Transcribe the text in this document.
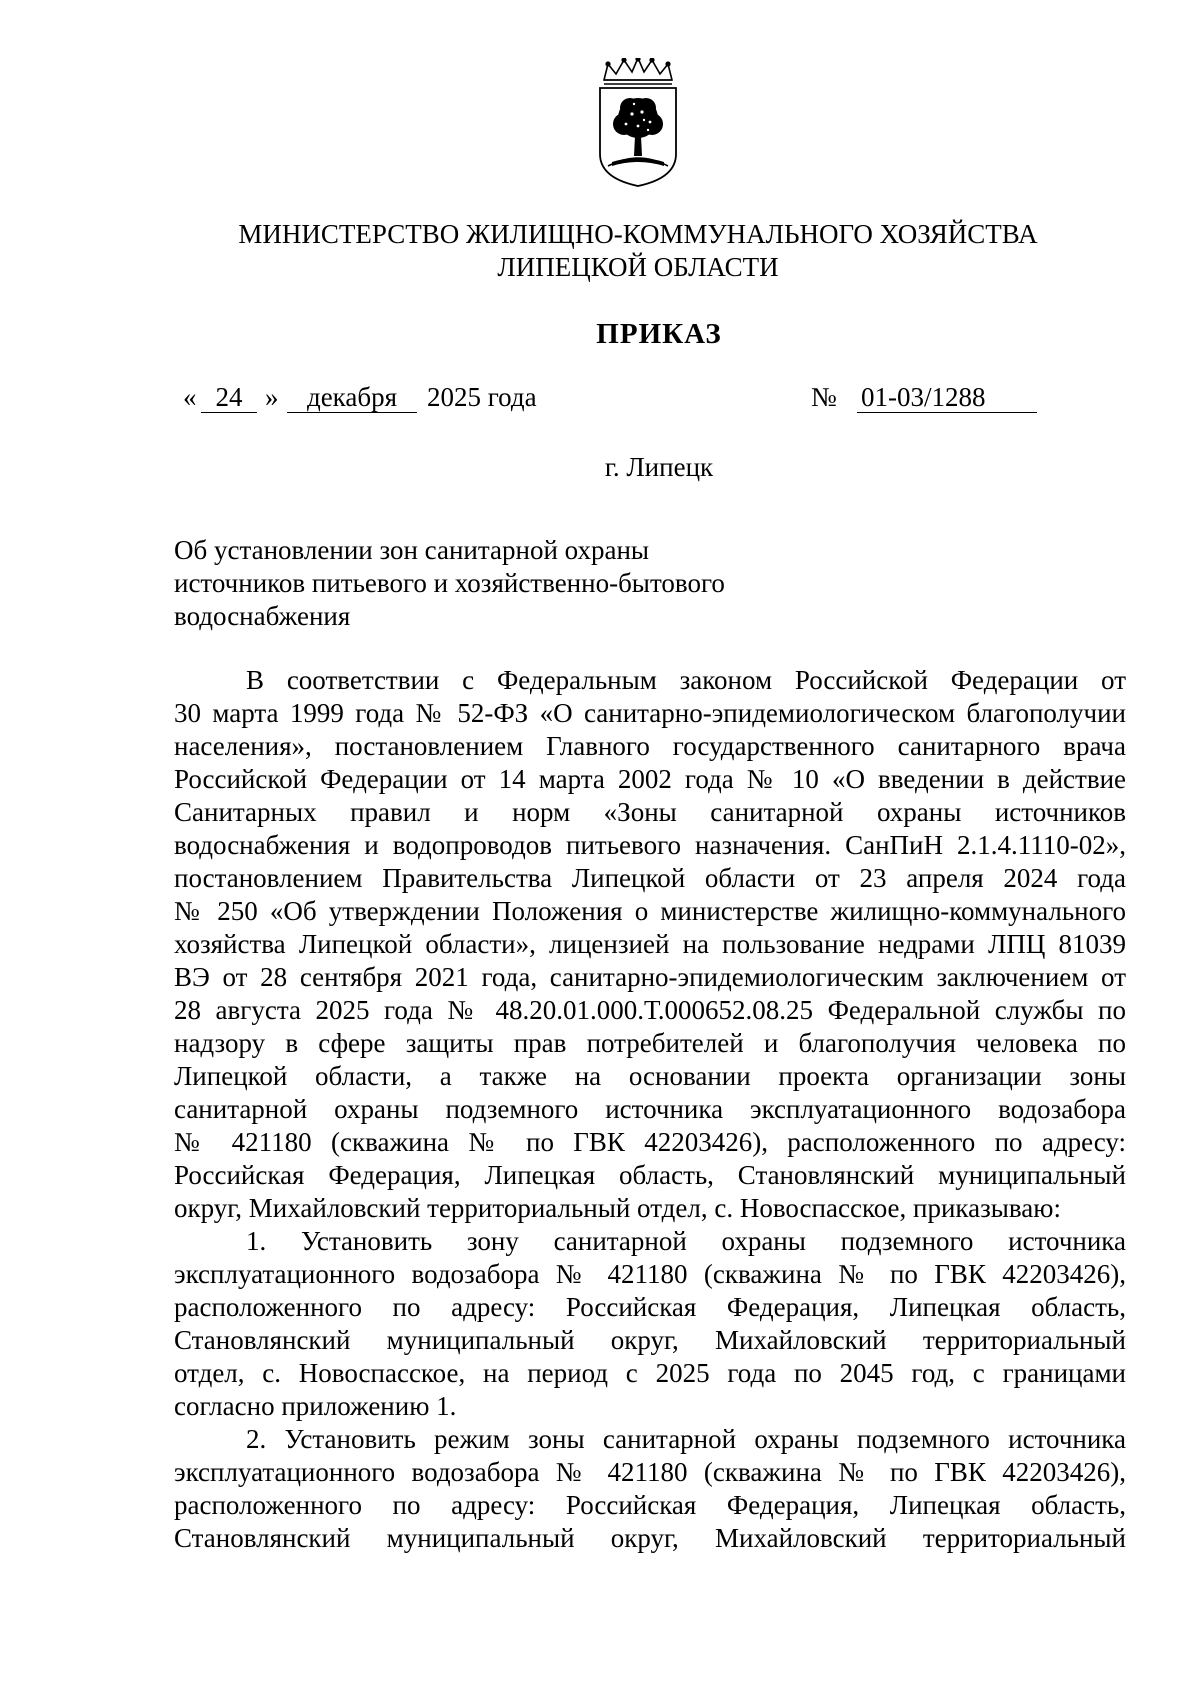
МИНИСТЕРСТВО ЖИЛИЩНО-КОММУНАЛЬНОГО ХОЗЯЙСТВА
ЛИПЕЦКОЙ ОБЛАСТИ
ПРИКАЗ
« 24 »	декабря	2025 года	№ 01-03/1288
г. Липецк
Об установлении зон санитарной охраны
источников питьевого и хозяйственно-бытового
водоснабжения
В соответствии с Федеральным законом Российской Федерации от
30 марта 1999 года № 52-ФЗ «О санитарно-эпидемиологическом благополучии
населения», постановлением Главного государственного санитарного врача
Российской Федерации от 14 марта 2002 года № 10 «О введении в действие
Санитарных правил и норм «Зоны санитарной охраны источников
водоснабжения и водопроводов питьевого назначения. СанПиН 2.1.4.1110-02»,
постановлением Правительства Липецкой области от 23 апреля 2024 года
№ 250 «Об утверждении Положения о министерстве жилищно-коммунального
хозяйства Липецкой области», лицензией на пользование недрами ЛПЦ 81039
ВЭ от 28 сентября 2021 года, санитарно-эпидемиологическим заключением от
28 августа 2025 года № 48.20.01.000.Т.000652.08.25 Федеральной службы по
надзору в сфере защиты прав потребителей и благополучия человека по
Липецкой области, а также на основании проекта организации зоны
санитарной охраны подземного источника эксплуатационного водозабора
№ 421180 (скважина № по ГВК 42203426), расположенного по адресу:
Российская Федерация, Липецкая область, Становлянский муниципальный
округ, Михайловский территориальный отдел, с. Новоспасское, приказываю:
1. Установить зону санитарной охраны подземного источника
эксплуатационного водозабора № 421180 (скважина № по ГВК 42203426),
расположенного по адресу: Российская Федерация, Липецкая область,
Становлянский муниципальный округ, Михайловский территориальный
отдел, с. Новоспасское, на период с 2025 года по 2045 год, с границами
согласно приложению 1.
2. Установить режим зоны санитарной охраны подземного источника
эксплуатационного водозабора № 421180 (скважина № по ГВК 42203426),
расположенного по адресу: Российская Федерация, Липецкая область,
Становлянский муниципальный округ, Михайловский территориальный
